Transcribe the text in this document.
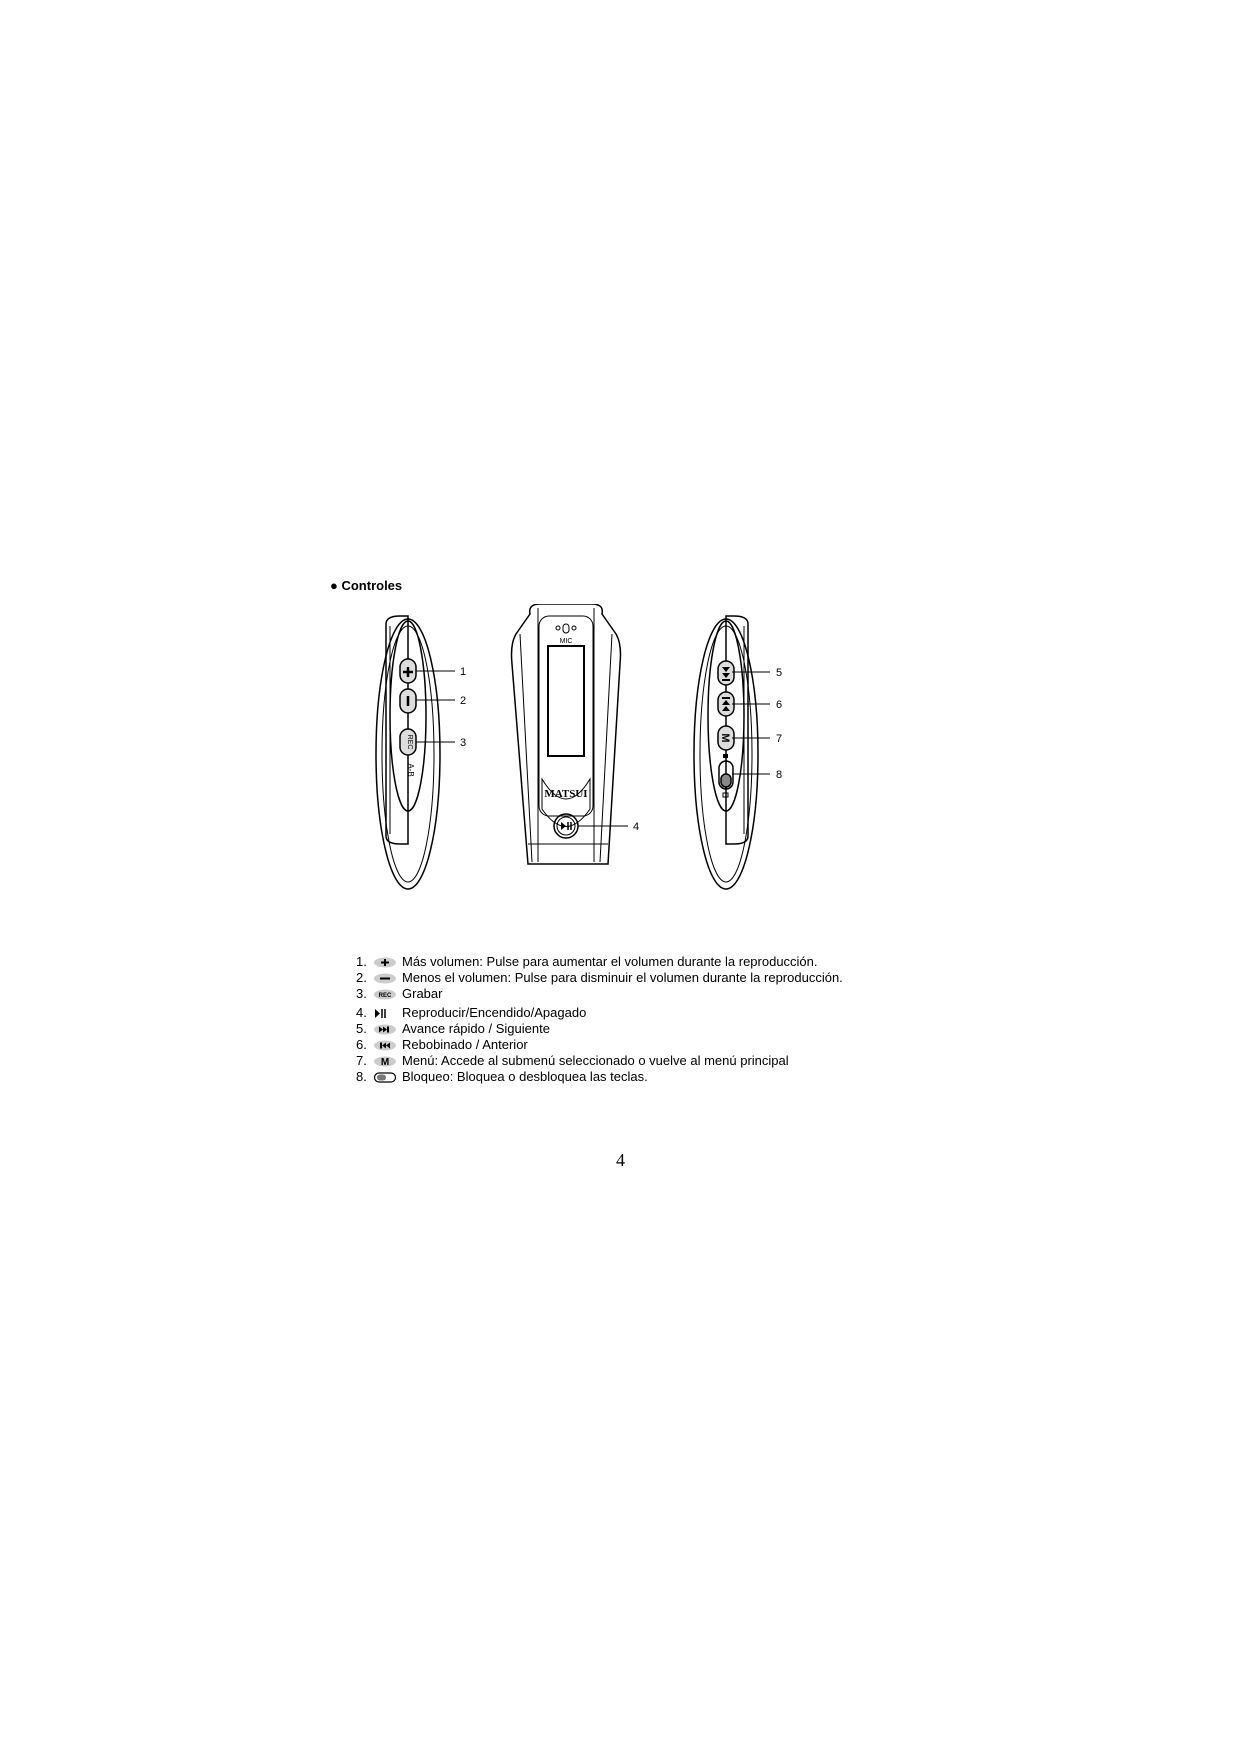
● Controles
REC
A-B
1
2
3
MIC
MATSUI
4
M
5
6
7
8
1.	Más volumen: Pulse para aumentar el volumen durante la reproducción.
2.	Menos el volumen: Pulse para disminuir el volumen durante la reproducción.
3.	REC Grabar
4.	Reproducir/Encendido/Apagado
5.	Avance rápido / Siguiente
6.	Rebobinado / Anterior
7.	M Menú: Accede al submenú seleccionado o vuelve al menú principal
8.	Bloqueo: Bloquea o desbloquea las teclas.
4
